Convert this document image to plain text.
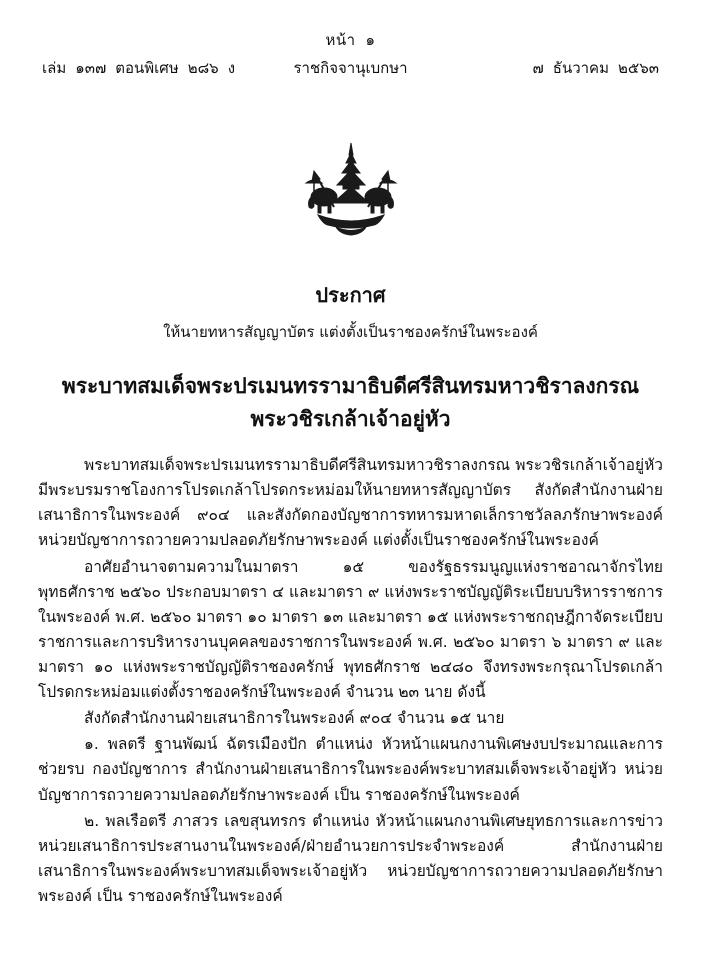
หน้า ๑
เล่ม ๑๓๗ ตอนพิเศษ ๒๘๖ ง	ราชกิจจานุเบกษา	๗ ธันวาคม ๒๕๖๓
ประกาศ
ให้นายทหารสัญญาบัตร แต่งตั้งเป็นราชองครักษ์ในพระองค์
พระบาทสมเด็จพระปรเมนทรรามาธิบดีศรีสินทรมหาวชิราลงกรณ
พระวชิรเกล้าเจ้าอยู่หัว

พระบาทสมเด็จพระปรเมนทรรามาธิบดีศรีสินทรมหาวชิราลงกรณ พระวชิรเกล้าเจ้าอยู่หัว มีพระบรมราชโองการโปรดเกล้าโปรดกระหม่อมให้นายทหารสัญญาบัตร สังกัดสำนักงานฝ่ายเสนาธิการในพระองค์ ๙๐๔ และสังกัดกองบัญชาการทหารมหาดเล็กราชวัลลภรักษาพระองค์ หน่วยบัญชาการถวายความปลอดภัยรักษาพระองค์ แต่งตั้งเป็นราชองครักษ์ในพระองค์

อาศัยอำนาจตามความในมาตรา ๑๕ ของรัฐธรรมนูญแห่งราชอาณาจักรไทย พุทธศักราช ๒๕๖๐ ประกอบมาตรา ๔ และมาตรา ๙ แห่งพระราชบัญญัติระเบียบบริหารราชการในพระองค์ พ.ศ. ๒๕๖๐ มาตรา ๑๐ มาตรา ๑๓ และมาตรา ๑๕ แห่งพระราชกฤษฎีกาจัดระเบียบราชการและการบริหารงานบุคคลของราชการในพระองค์ พ.ศ. ๒๕๖๐ มาตรา ๖ มาตรา ๙ และมาตรา ๑๐ แห่งพระราชบัญญัติราชองครักษ์ พุทธศักราช ๒๔๘๐ จึงทรงพระกรุณาโปรดเกล้าโปรดกระหม่อมแต่งตั้งราชองครักษ์ในพระองค์ จำนวน ๒๓ นาย ดังนี้

สังกัดสำนักงานฝ่ายเสนาธิการในพระองค์ ๙๐๔ จำนวน ๑๕ นาย

๑. พลตรี ฐานพัฒน์ ฉัตรเมืองปัก ตำแหน่ง หัวหน้าแผนกงานพิเศษงบประมาณและการช่วยรบ กองบัญชาการ สำนักงานฝ่ายเสนาธิการในพระองค์พระบาทสมเด็จพระเจ้าอยู่หัว หน่วยบัญชาการถวายความปลอดภัยรักษาพระองค์ เป็น ราชองครักษ์ในพระองค์

๒. พลเรือตรี ภาสวร เลขสุนทรกร ตำแหน่ง หัวหน้าแผนกงานพิเศษยุทธการและการข่าว หน่วยเสนาธิการประสานงานในพระองค์/ฝ่ายอำนวยการประจำพระองค์ สำนักงานฝ่ายเสนาธิการในพระองค์พระบาทสมเด็จพระเจ้าอยู่หัว หน่วยบัญชาการถวายความปลอดภัยรักษาพระองค์ เป็น ราชองครักษ์ในพระองค์
